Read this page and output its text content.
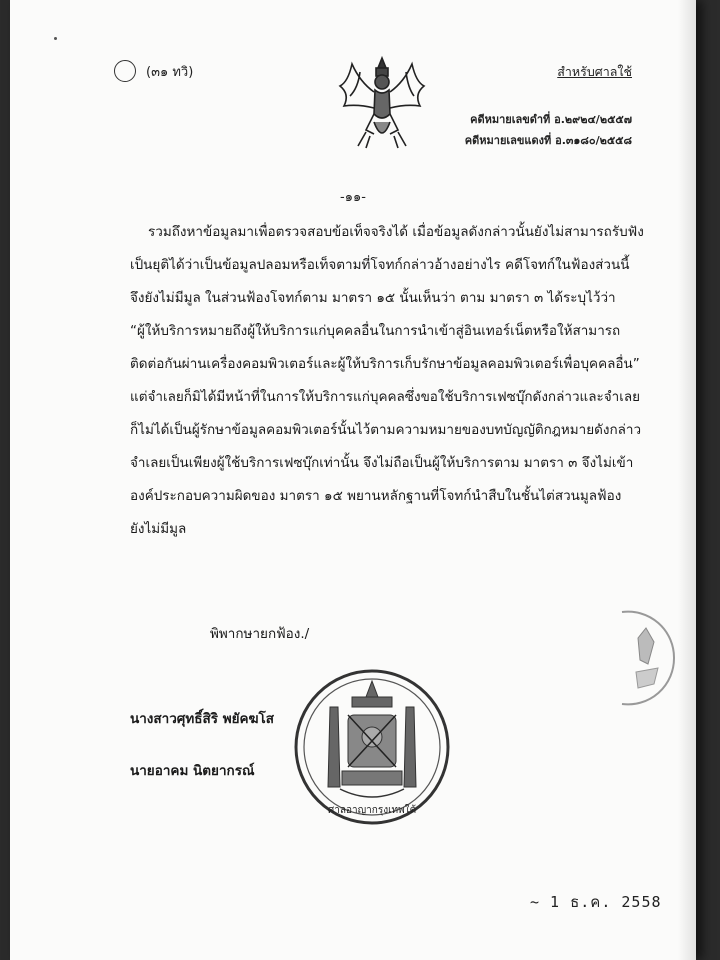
(๓๑ ทวิ)	สำหรับศาลใช้
คดีหมายเลขดำที่ อ.๒๙๒๔/๒๕๕๗
คดีหมายเลขแดงที่ อ.๓๑๘๐/๒๕๕๘
-๑๑-
รวมถึงหาข้อมูลมาเพื่อตรวจสอบข้อเท็จจริงได้ เมื่อข้อมูลดังกล่าวนั้นยังไม่สามารถรับฟัง
เป็นยุติได้ว่าเป็นข้อมูลปลอมหรือเท็จตามที่โจทก์กล่าวอ้างอย่างไร คดีโจทก์ในฟ้องส่วนนี้
จึงยังไม่มีมูล ในส่วนฟ้องโจทก์ตาม มาตรา ๑๕ นั้นเห็นว่า ตาม มาตรา ๓ ได้ระบุไว้ว่า
“ผู้ให้บริการหมายถึงผู้ให้บริการแก่บุคคลอื่นในการนำเข้าสู่อินเทอร์เน็ตหรือให้สามารถ
ติดต่อกันผ่านเครื่องคอมพิวเตอร์และผู้ให้บริการเก็บรักษาข้อมูลคอมพิวเตอร์เพื่อบุคคลอื่น”
แต่จำเลยก็มิได้มีหน้าที่ในการให้บริการแก่บุคคลซึ่งขอใช้บริการเฟซบุ๊กดังกล่าวและจำเลย
ก็ไม่ได้เป็นผู้รักษาข้อมูลคอมพิวเตอร์นั้นไว้ตามความหมายของบทบัญญัติกฎหมายดังกล่าว
จำเลยเป็นเพียงผู้ใช้บริการเฟซบุ๊กเท่านั้น จึงไม่ถือเป็นผู้ให้บริการตาม มาตรา ๓ จึงไม่เข้า
องค์ประกอบความผิดของ มาตรา ๑๕ พยานหลักฐานที่โจทก์นำสืบในชั้นไต่สวนมูลฟ้อง
ยังไม่มีมูล
พิพากษายกฟ้อง./
นางสาวศุทธิ์สิริ พยัคฆโส
นายอาคม นิตยากรณ์
ศาลอาญากรุงเทพใต้
~ 1 ธ.ค. 2558
